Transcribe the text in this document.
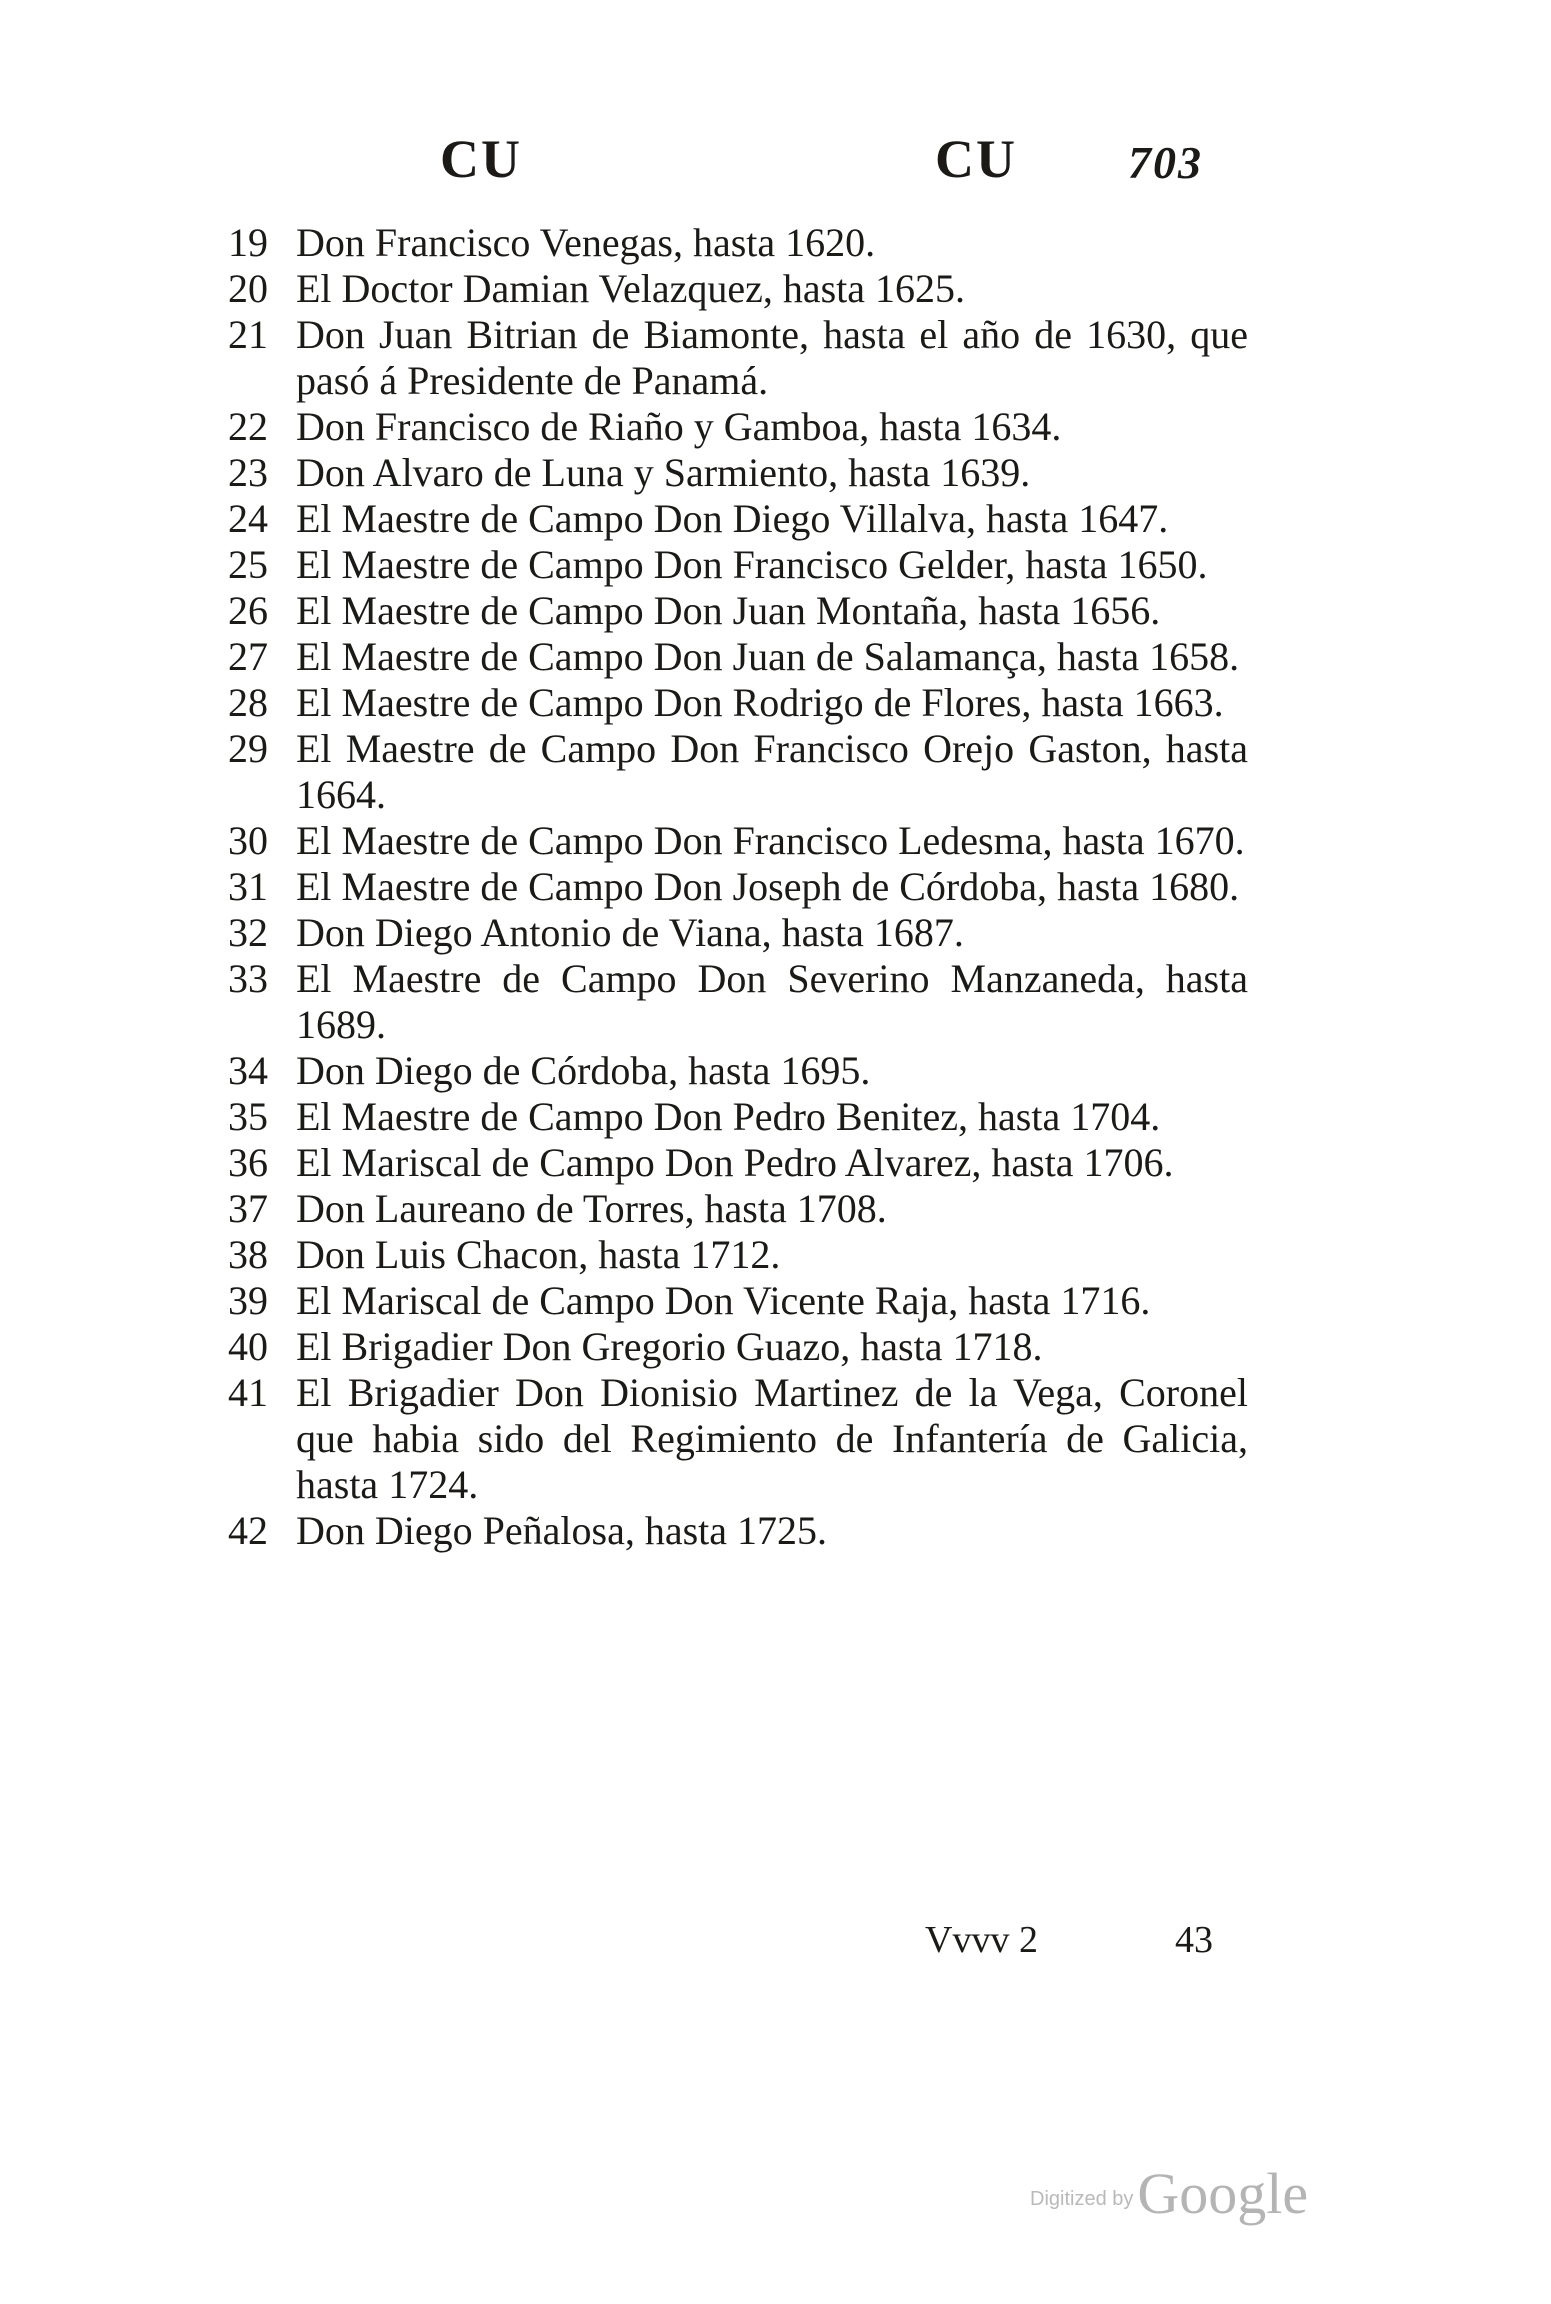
CU	CU 703
19 Don Francisco Venegas, hasta 1620.
20 El Doctor Damian Velazquez, hasta 1625.
21 Don Juan Bitrian de Biamonte, hasta el año de 1630, que pasó á Presidente de Panamá.
22 Don Francisco de Riaño y Gamboa, hasta 1634.
23 Don Alvaro de Luna y Sarmiento, hasta 1639.
24 El Maestre de Campo Don Diego Villalva, hasta 1647.
25 El Maestre de Campo Don Francisco Gelder, hasta 1650.
26 El Maestre de Campo Don Juan Montaña, hasta 1656.
27 El Maestre de Campo Don Juan de Salamança, hasta 1658.
28 El Maestre de Campo Don Rodrigo de Flores, hasta 1663.
29 El Maestre de Campo Don Francisco Orejo Gaston, hasta 1664.
30 El Maestre de Campo Don Francisco Ledesma, hasta 1670.
31 El Maestre de Campo Don Joseph de Córdoba, hasta 1680.
32 Don Diego Antonio de Viana, hasta 1687.
33 El Maestre de Campo Don Severino Manzaneda, hasta 1689.
34 Don Diego de Córdoba, hasta 1695.
35 El Maestre de Campo Don Pedro Benitez, hasta 1704.
36 El Mariscal de Campo Don Pedro Alvarez, hasta 1706.
37 Don Laureano de Torres, hasta 1708.
38 Don Luis Chacon, hasta 1712.
39 El Mariscal de Campo Don Vicente Raja, hasta 1716.
40 El Brigadier Don Gregorio Guazo, hasta 1718.
41 El Brigadier Don Dionisio Martinez de la Vega, Coronel que habia sido del Regimiento de Infantería de Galicia, hasta 1724.
42 Don Diego Peñalosa, hasta 1725.
Vvvv 2	43
Digitized by Google
